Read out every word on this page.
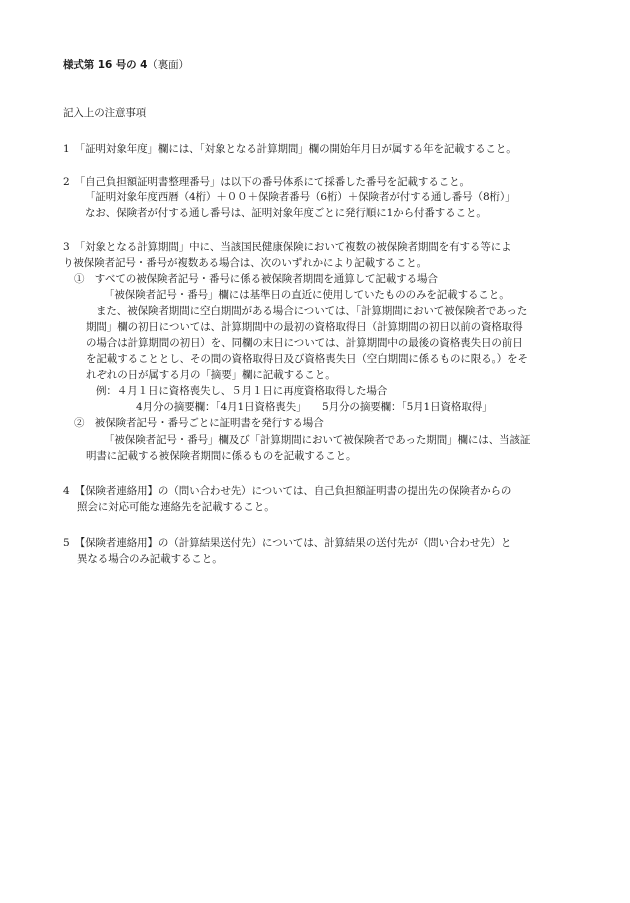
様式第 16 号の 4（裏面）
記入上の注意事項
1　「証明対象年度」欄には、「対象となる計算期間」欄の開始年月日が属する年を記載すること。
2　「自己負担額証明書整理番号」は以下の番号体系にて採番した番号を記載すること。
「証明対象年度西暦（4桁）＋００＋保険者番号（6桁）＋保険者が付する通し番号（8桁）」
なお、保険者が付する通し番号は、証明対象年度ごとに発行順に1から付番すること。
3　「対象となる計算期間」中に、当該国民健康保険において複数の被保険者期間を有する等によ
り被保険者記号・番号が複数ある場合は、次のいずれかにより記載すること。
①　すべての被保険者記号・番号に係る被保険者期間を通算して記載する場合
「被保険者記号・番号」欄には基準日の直近に使用していたもののみを記載すること。
また、被保険者期間に空白期間がある場合については、「計算期間において被保険者であった
期間」欄の初日については、計算期間中の最初の資格取得日（計算期間の初日以前の資格取得
の場合は計算期間の初日）を、同欄の末日については、計算期間中の最後の資格喪失日の前日
を記載することとし、その間の資格取得日及び資格喪失日（空白期間に係るものに限る。）をそ
れぞれの日が属する月の「摘要」欄に記載すること。
例：４月１日に資格喪失し、５月１日に再度資格取得した場合
4月分の摘要欄：「4月1日資格喪失」　　5月分の摘要欄：「5月1日資格取得」
②　被保険者記号・番号ごとに証明書を発行する場合
「被保険者記号・番号」欄及び「計算期間において被保険者であった期間」欄には、当該証
明書に記載する被保険者期間に係るものを記載すること。
4　【保険者連絡用】の（問い合わせ先）については、自己負担額証明書の提出先の保険者からの
照会に対応可能な連絡先を記載すること。
5　【保険者連絡用】の（計算結果送付先）については、計算結果の送付先が（問い合わせ先）と
異なる場合のみ記載すること。
